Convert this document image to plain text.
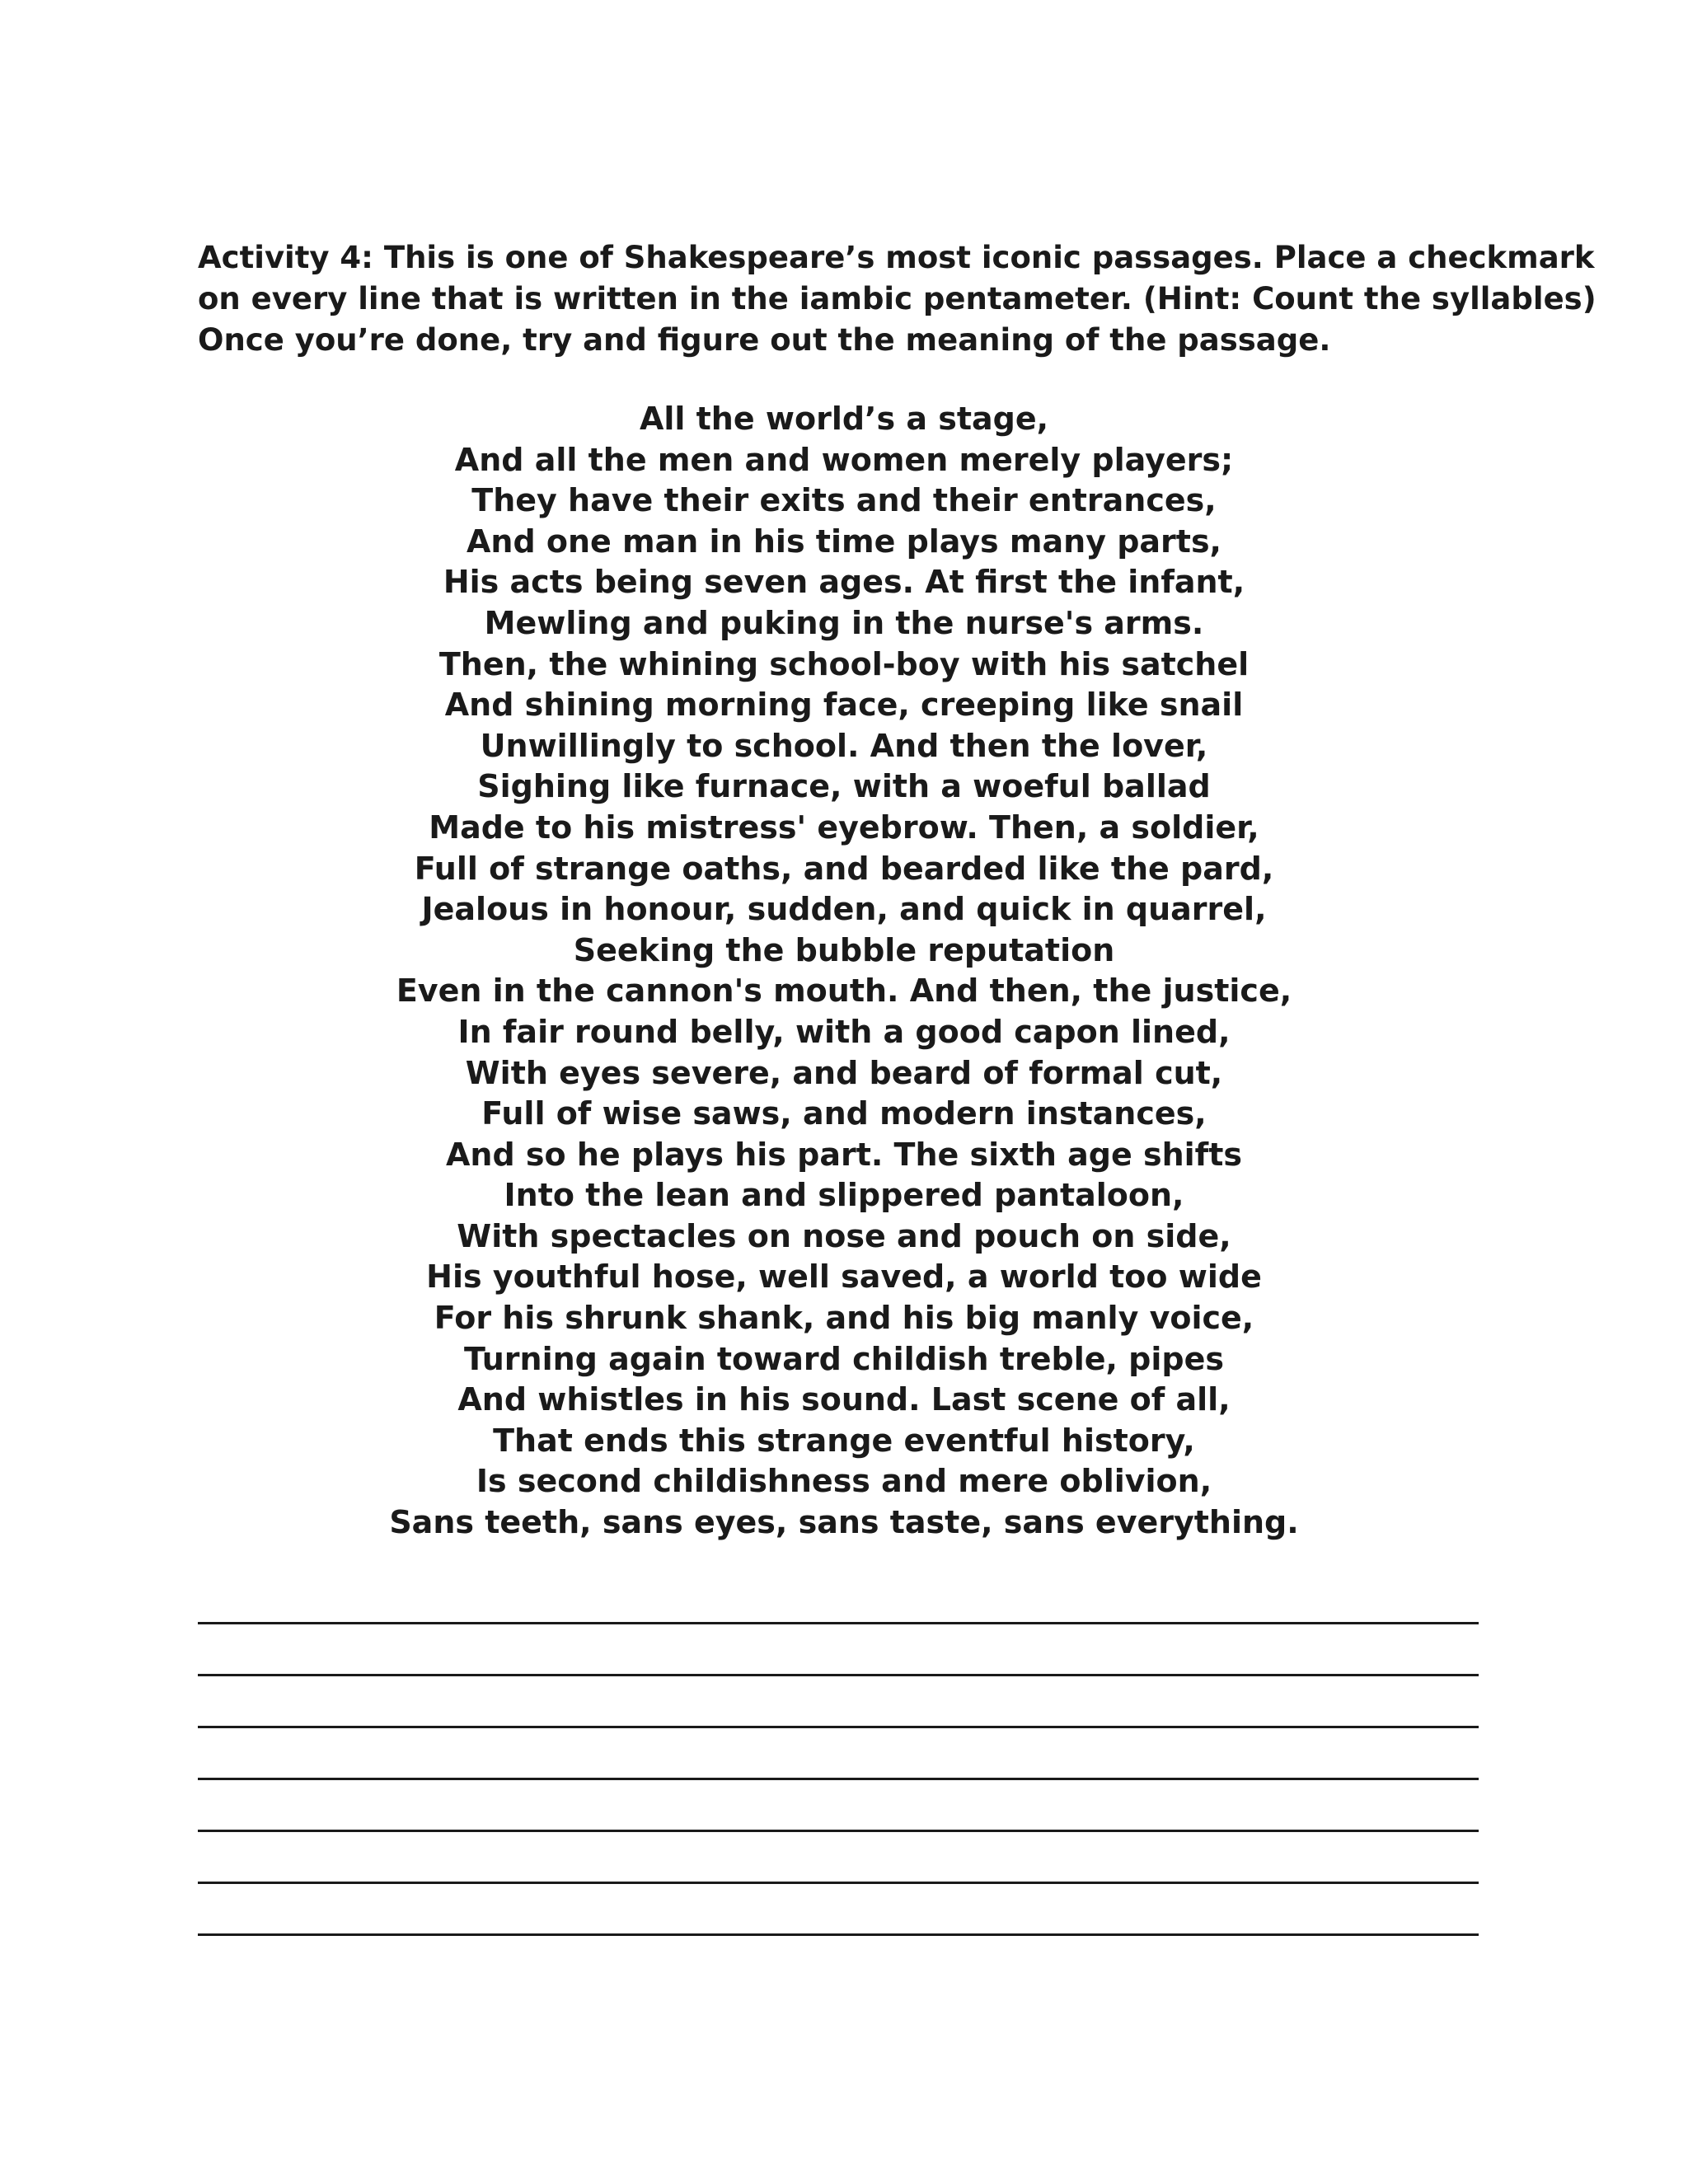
Activity 4: This is one of Shakespeare’s most iconic passages. Place a checkmark
on every line that is written in the iambic pentameter. (Hint: Count the syllables)
Once you’re done, try and figure out the meaning of the passage.
All the world’s a stage,
And all the men and women merely players;
They have their exits and their entrances,
And one man in his time plays many parts,
His acts being seven ages. At first the infant,
Mewling and puking in the nurse's arms.
Then, the whining school-boy with his satchel
And shining morning face, creeping like snail
Unwillingly to school. And then the lover,
Sighing like furnace, with a woeful ballad
Made to his mistress' eyebrow. Then, a soldier,
Full of strange oaths, and bearded like the pard,
Jealous in honour, sudden, and quick in quarrel,
Seeking the bubble reputation
Even in the cannon's mouth. And then, the justice,
In fair round belly, with a good capon lined,
With eyes severe, and beard of formal cut,
Full of wise saws, and modern instances,
And so he plays his part. The sixth age shifts
Into the lean and slippered pantaloon,
With spectacles on nose and pouch on side,
His youthful hose, well saved, a world too wide
For his shrunk shank, and his big manly voice,
Turning again toward childish treble, pipes
And whistles in his sound. Last scene of all,
That ends this strange eventful history,
Is second childishness and mere oblivion,
Sans teeth, sans eyes, sans taste, sans everything.
